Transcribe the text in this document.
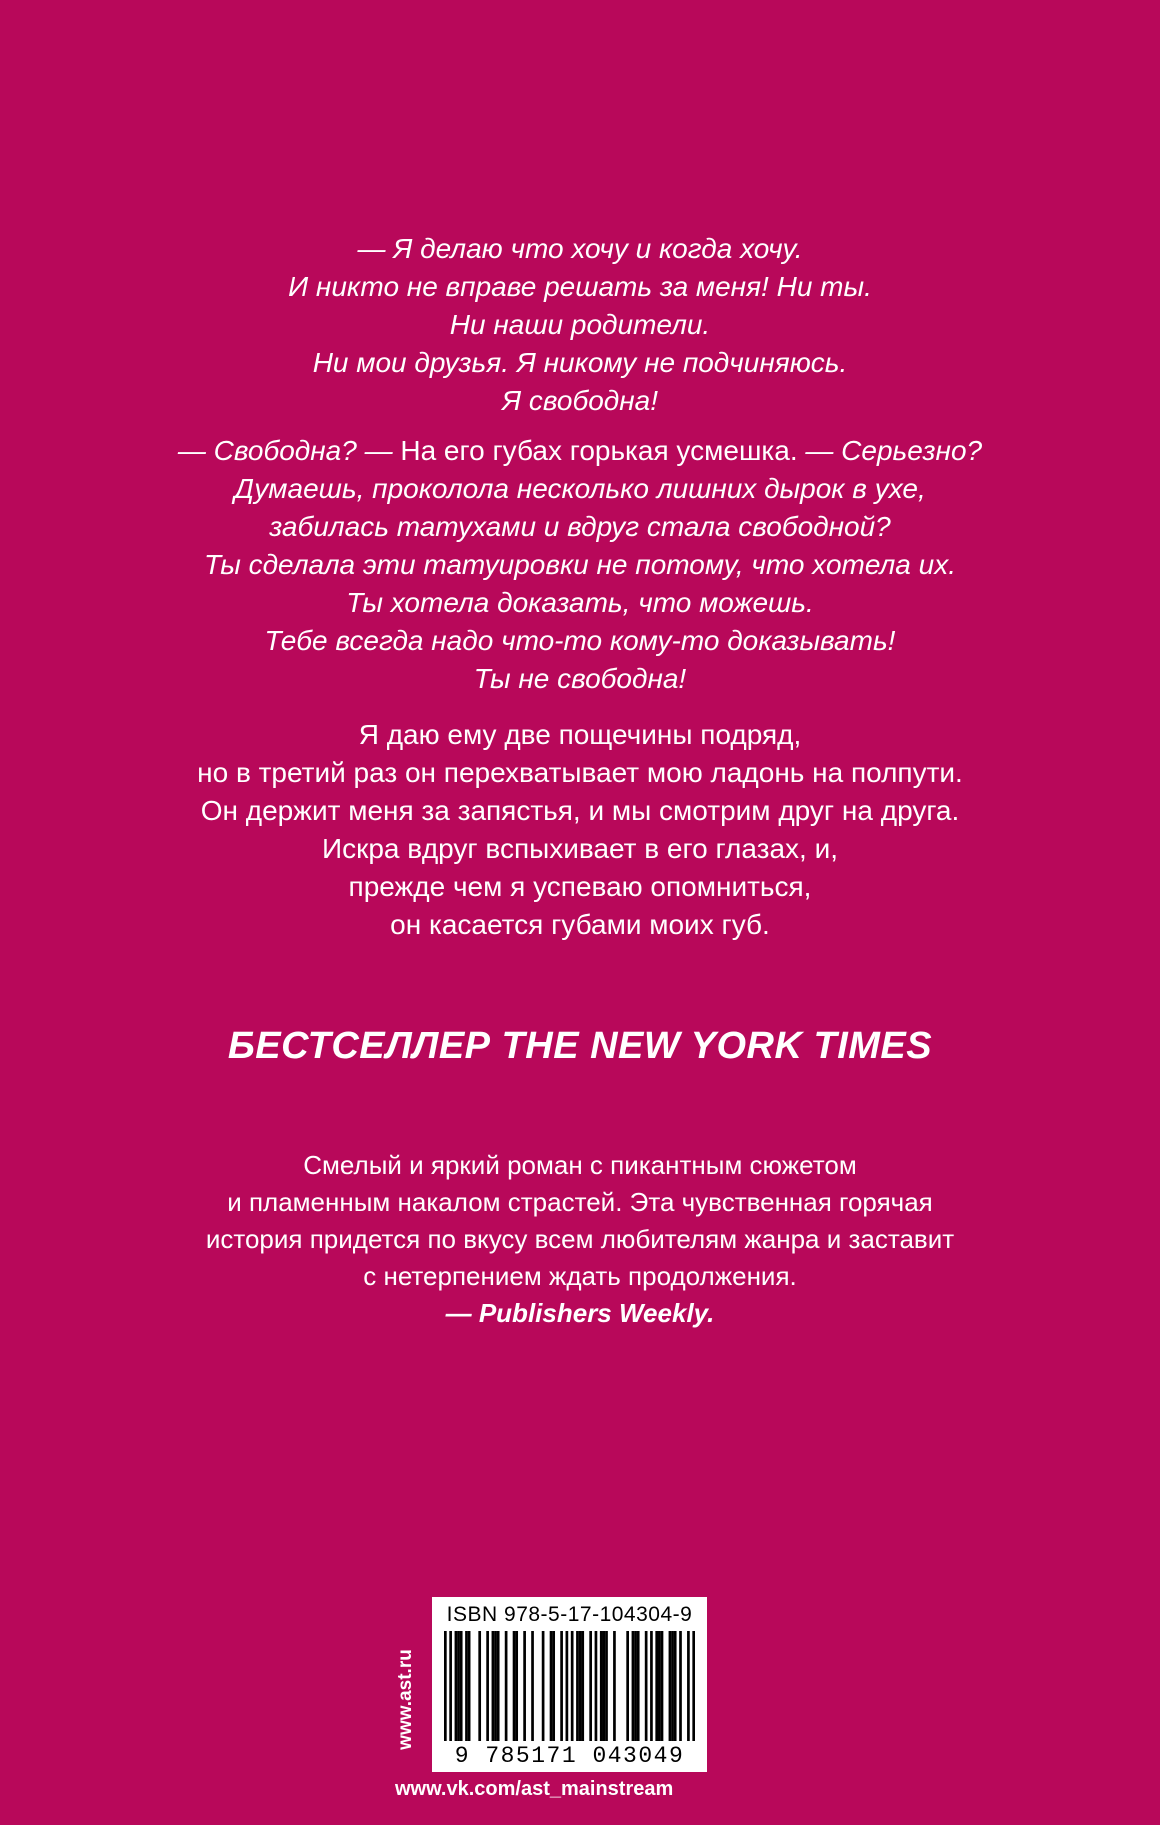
— Я делаю что хочу и когда хочу.
И никто не вправе решать за меня! Ни ты.
Ни наши родители.
Ни мои друзья. Я никому не подчиняюсь.
Я свободна!
— Свободна? — На его губах горькая усмешка. — Серьезно?
Думаешь, проколола несколько лишних дырок в ухе,
забилась татухами и вдруг стала свободной?
Ты сделала эти татуировки не потому, что хотела их.
Ты хотела доказать, что можешь.
Тебе всегда надо что-то кому-то доказывать!
Ты не свободна!
Я даю ему две пощечины подряд,
но в третий раз он перехватывает мою ладонь на полпути.
Он держит меня за запястья, и мы смотрим друг на друга.
Искра вдруг вспыхивает в его глазах, и,
прежде чем я успеваю опомниться,
он касается губами моих губ.
БЕСТСЕЛЛЕР THE NEW YORK TIMES
Смелый и яркий роман с пикантным сюжетом
и пламенным накалом страстей. Эта чувственная горячая
история придется по вкусу всем любителям жанра и заставит
с нетерпением ждать продолжения.
— Publishers Weekly.
www.ast.ru
ISBN 978-5-17-104304-9
9 785171 043049
www.vk.com/ast_mainstream
